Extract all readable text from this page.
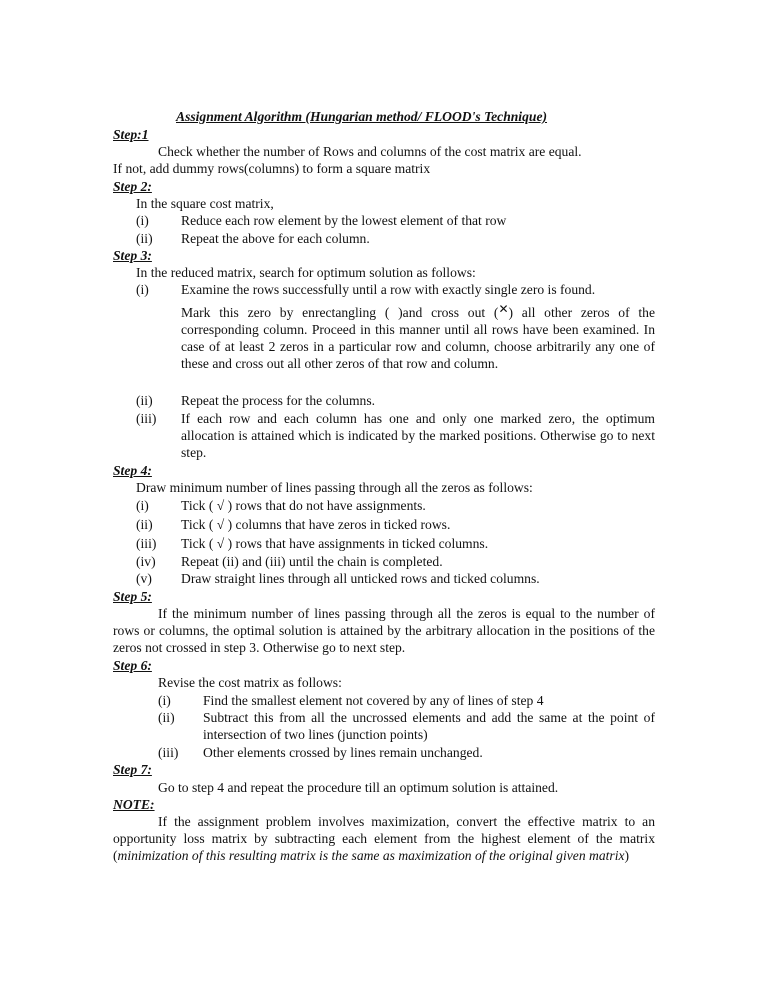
Assignment Algorithm (Hungarian method/ FLOOD's Technique)
Step:1
Check whether the number of Rows and columns of the cost matrix are equal.
If not, add dummy rows(columns) to form a square matrix
Step 2:
In the square cost matrix,
(i) Reduce each row element by the lowest element of that row
(ii) Repeat the above for each column.
Step 3:
In the reduced matrix, search for optimum solution as follows:
(i) Examine the rows successfully until a row with exactly single zero is found.
Mark this zero by enrectangling ( )and cross out (✕) all other zeros of the
corresponding column. Proceed in this manner until all rows have been examined. In case of at least 2 zeros in a particular row and column, choose arbitrarily any one of these and cross out all other zeros of that row and column.
(ii) Repeat the process for the columns.
(iii) If each row and each column has one and only one marked zero, the optimum allocation is attained which is indicated by the marked positions. Otherwise go to next step.
Step 4:
Draw minimum number of lines passing through all the zeros as follows:
(i) Tick ( √ ) rows that do not have assignments.
(ii) Tick ( √ ) columns that have zeros in ticked rows.
(iii) Tick ( √ ) rows that have assignments in ticked columns.
(iv) Repeat (ii) and (iii) until the chain is completed.
(v) Draw straight lines through all unticked rows and ticked columns.
Step 5:
If the minimum number of lines passing through all the zeros is equal to the number of rows or columns, the optimal solution is attained by the arbitrary allocation in the positions of the zeros not crossed in step 3. Otherwise go to next step.
Step 6:
Revise the cost matrix as follows:
(i) Find the smallest element not covered by any of lines of step 4
(ii) Subtract this from all the uncrossed elements and add the same at the point of intersection of two lines (junction points)
(iii) Other elements crossed by lines remain unchanged.
Step 7:
Go to step 4 and repeat the procedure till an optimum solution is attained.
NOTE:
If the assignment problem involves maximization, convert the effective matrix to an opportunity loss matrix by subtracting each element from the highest element of the matrix (minimization of this resulting matrix is the same as maximization of the original given matrix)
